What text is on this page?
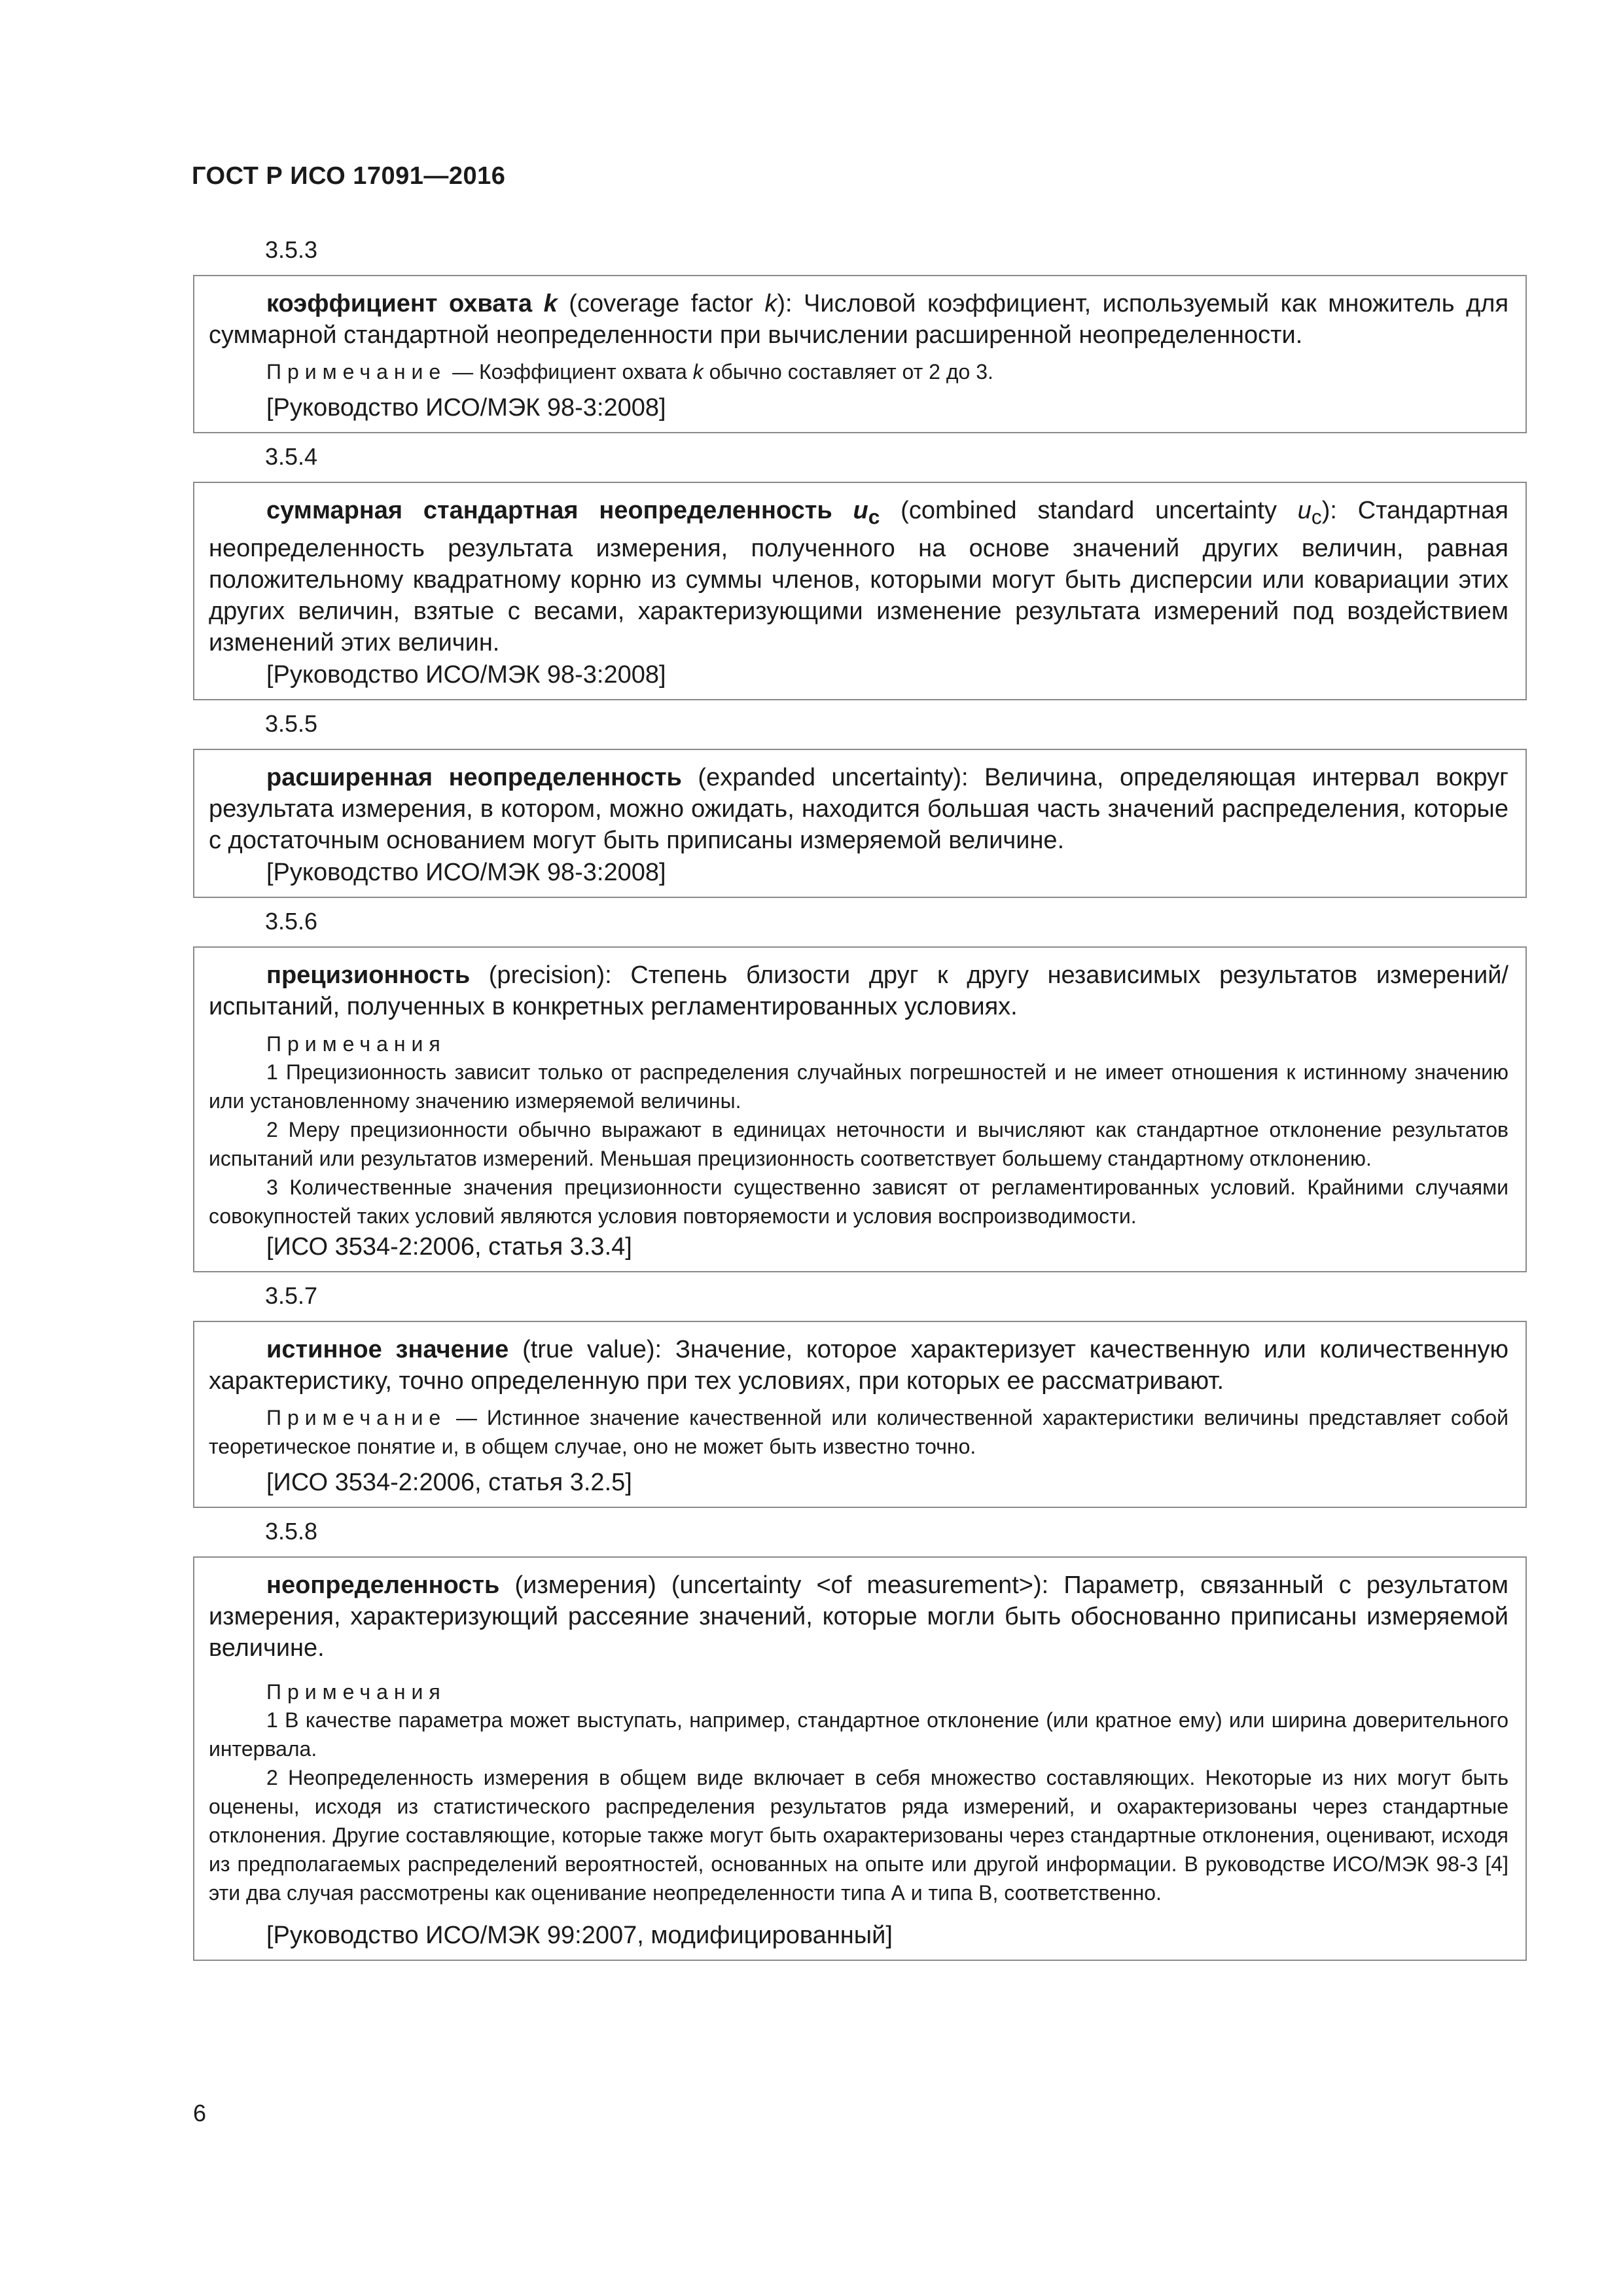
ГОСТ Р ИСО 17091—2016
3.5.3

коэффициент охвата k (coverage factor k): Числовой коэффициент, используемый как множитель для суммарной стандартной неопределенности при вычислении расширенной неопределенности.

Примечание — Коэффициент охвата k обычно составляет от 2 до 3.

[Руководство ИСО/МЭК 98-3:2008]
3.5.4

суммарная стандартная неопределенность $u_c$ (combined standard uncertainty $u_c$): Стандартная неопределенность результата измерения, полученного на основе значений других величин, равная положительному квадратному корню из суммы членов, которыми могут быть дисперсии или ковариации этих других величин, взятые с весами, характеризующими изменение результата измерений под воздействием изменений этих величин.

[Руководство ИСО/МЭК 98-3:2008]
3.5.5

расширенная неопределенность (expanded uncertainty): Величина, определяющая интервал вокруг результата измерения, в котором, можно ожидать, находится большая часть значений распределения, которые с достаточным основанием могут быть приписаны измеряемой величине.

[Руководство ИСО/МЭК 98-3:2008]
3.5.6

прецизионность (precision): Степень близости друг к другу независимых результатов измерений/испытаний, полученных в конкретных регламентированных условиях.

Примечания

1 Прецизионность зависит только от распределения случайных погрешностей и не имеет отношения к истинному значению или установленному значению измеряемой величины.

2 Меру прецизионности обычно выражают в единицах неточности и вычисляют как стандартное отклонение результатов испытаний или результатов измерений. Меньшая прецизионность соответствует большему стандартному отклонению.

3 Количественные значения прецизионности существенно зависят от регламентированных условий. Крайними случаями совокупностей таких условий являются условия повторяемости и условия воспроизводимости.

[ИСО 3534-2:2006, статья 3.3.4]
3.5.7

истинное значение (true value): Значение, которое характеризует качественную или количественную характеристику, точно определенную при тех условиях, при которых ее рассматривают.

Примечание — Истинное значение качественной или количественной характеристики величины представляет собой теоретическое понятие и, в общем случае, оно не может быть известно точно.

[ИСО 3534-2:2006, статья 3.2.5]
3.5.8

неопределенность (измерения) (uncertainty <of measurement>): Параметр, связанный с результатом измерения, характеризующий рассеяние значений, которые могли быть обоснованно приписаны измеряемой величине.

Примечания

1 В качестве параметра может выступать, например, стандартное отклонение (или кратное ему) или ширина доверительного интервала.

2 Неопределенность измерения в общем виде включает в себя множество составляющих. Некоторые из них могут быть оценены, исходя из статистического распределения результатов ряда измерений, и охарактеризованы через стандартные отклонения. Другие составляющие, которые также могут быть охарактеризованы через стандартные отклонения, оценивают, исходя из предполагаемых распределений вероятностей, основанных на опыте или другой информации. В руководстве ИСО/МЭК 98-3 [4] эти два случая рассмотрены как оценивание неопределенности типа А и типа В, соответственно.

[Руководство ИСО/МЭК 99:2007, модифицированный]
6
